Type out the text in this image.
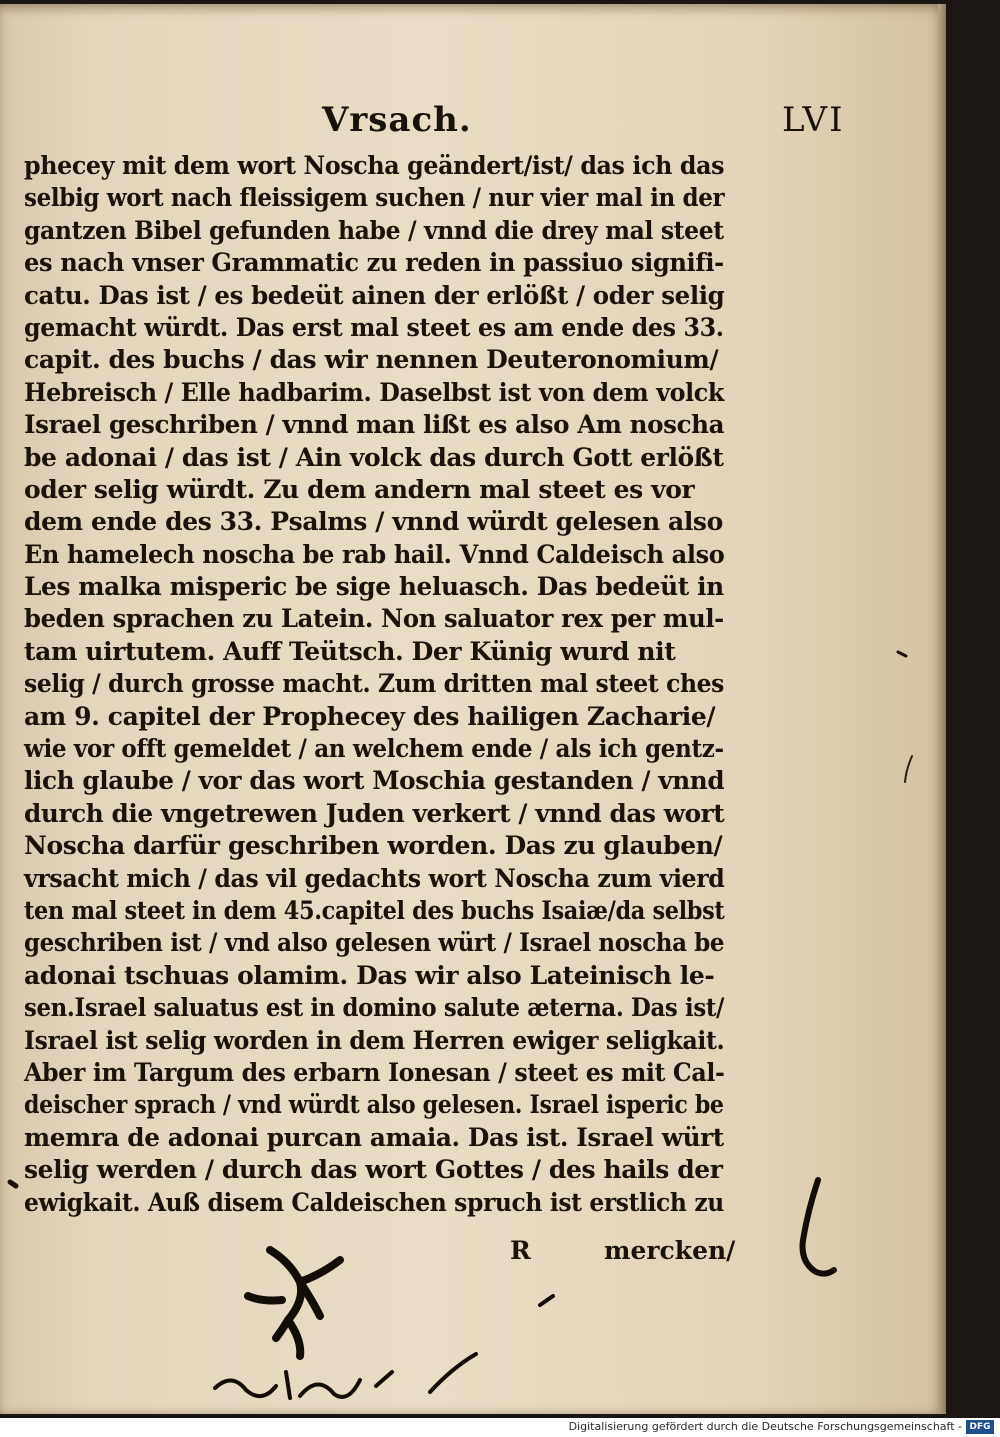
Vrsach.	LVI
phecey mit dem wort Noscha geändert/ist/ das ich das
selbig wort nach fleissigem suchen / nur vier mal in der
gantzen Bibel gefunden habe / vnnd die drey mal steet
es nach vnser Grammatic zu reden in passiuo signifi-
catu. Das ist / es bedeüt ainen der erlößt / oder selig
gemacht würdt. Das erst mal steet es am ende des 33.
capit. des buchs / das wir nennen Deuteronomium/
Hebreisch / Elle hadbarim. Daselbst ist von dem volck
Israel geschriben / vnnd man lißt es also Am noscha
be adonai / das ist / Ain volck das durch Gott erlößt
oder selig würdt. Zu dem andern mal steet es vor
dem ende des 33. Psalms / vnnd würdt gelesen also
En hamelech noscha be rab hail. Vnnd Caldeisch also
Les malka misperic be sige heluasch. Das bedeüt in
beden sprachen zu Latein. Non saluator rex per mul-
tam uirtutem. Auff Teütsch. Der Künig wurd nit
selig / durch grosse macht. Zum dritten mal steet ches
am 9. capitel der Prophecey des hailigen Zacharie/
wie vor offt gemeldet / an welchem ende / als ich gentz-
lich glaube / vor das wort Moschia gestanden / vnnd
durch die vngetrewen Juden verkert / vnnd das wort
Noscha darfür geschriben worden. Das zu glauben/
vrsacht mich / das vil gedachts wort Noscha zum vierd
ten mal steet in dem 45.capitel des buchs Isaiæ/da selbst
geschriben ist / vnd also gelesen würt / Israel noscha be
adonai tschuas olamim. Das wir also Lateinisch le-
sen.Israel saluatus est in domino salute æterna. Das ist/
Israel ist selig worden in dem Herren ewiger seligkait.
Aber im Targum des erbarn Ionesan / steet es mit Cal-
deischer sprach / vnd würdt also gelesen. Israel isperic be
memra de adonai purcan amaia. Das ist. Israel würt
selig werden / durch das wort Gottes / des hails der
ewigkait. Auß disem Caldeischen spruch ist erstlich zu
R	mercken/
Digitalisierung gefördert durch die Deutsche Forschungsgemeinschaft - DFG
